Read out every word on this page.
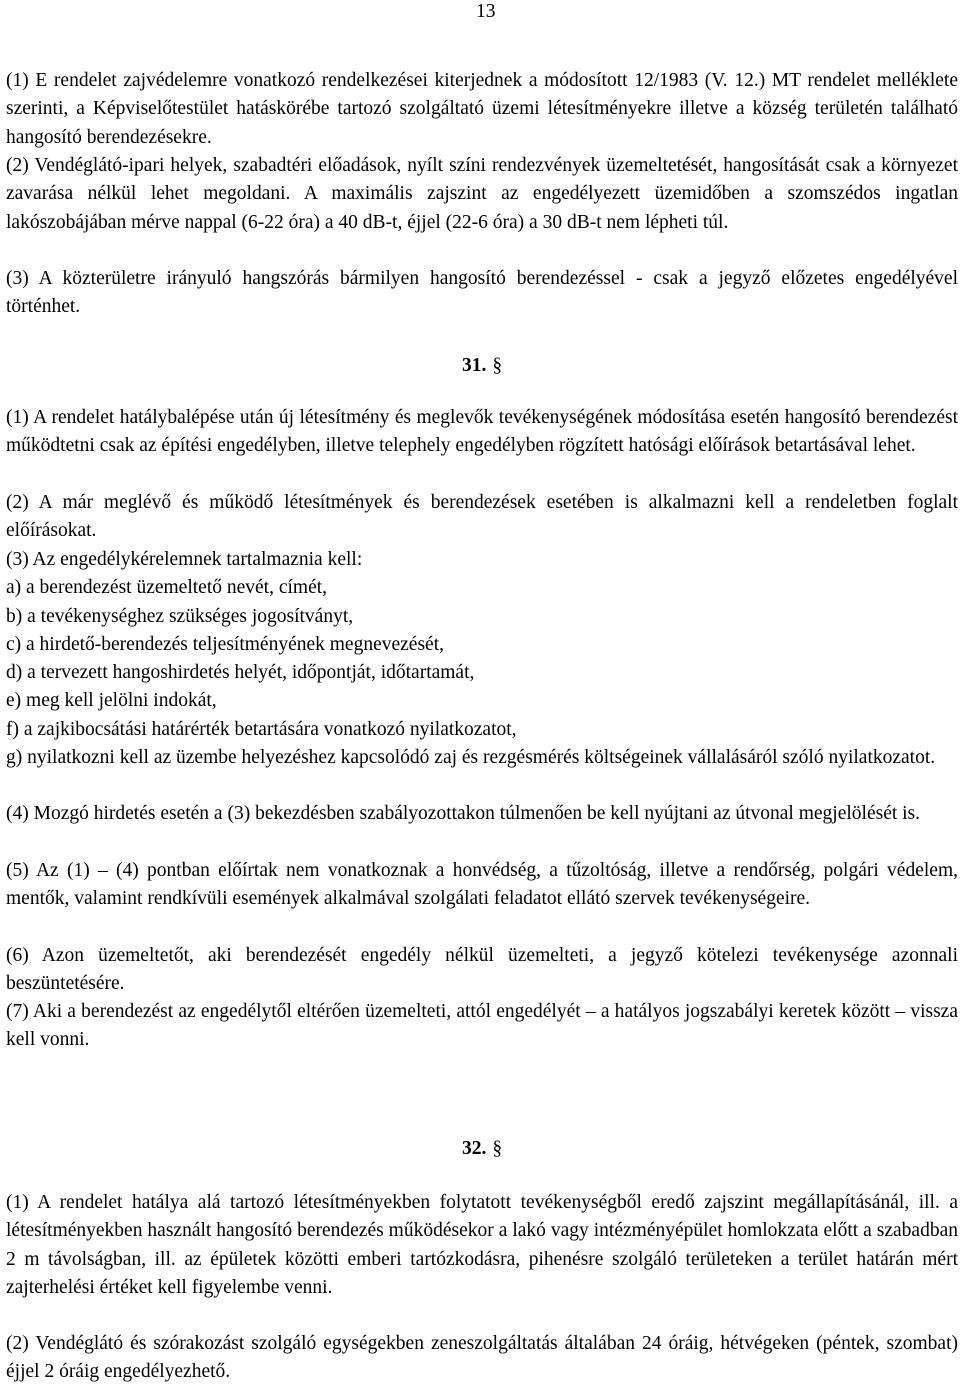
13

(1) E rendelet zajvédelemre vonatkozó rendelkezései kiterjednek a módosított 12/1983 (V. 12.) MT rendelet melléklete szerinti, a Képviselőtestület hatáskörébe tartozó szolgáltató üzemi létesítményekre illetve a község területén található hangosító berendezésekre.

(2) Vendéglátó-ipari helyek, szabadtéri előadások, nyílt színi rendezvények üzemeltetését, hangosítását csak a környezet zavarása nélkül lehet megoldani. A maximális zajszint az engedélyezett üzemidőben a szomszédos ingatlan lakószobájában mérve nappal (6-22 óra) a 40 dB-t, éjjel (22-6 óra) a 30 dB-t nem lépheti túl.

(3) A közterületre irányuló hangszórás bármilyen hangosító berendezéssel - csak a jegyző előzetes engedélyével történhet.

31. §

(1) A rendelet hatálybalépése után új létesítmény és meglevők tevékenységének módosítása esetén hangosító berendezést működtetni csak az építési engedélyben, illetve telephely engedélyben rögzített hatósági előírások betartásával lehet.

(2) A már meglévő és működő létesítmények és berendezések esetében is alkalmazni kell a rendeletben foglalt előírásokat.

(3) Az engedélykérelemnek tartalmaznia kell:

a) a berendezést üzemeltető nevét, címét,

b) a tevékenységhez szükséges jogosítványt,

c) a hirdető-berendezés teljesítményének megnevezését,

d) a tervezett hangoshirdetés helyét, időpontját, időtartamát,

e) meg kell jelölni indokát,

f) a zajkibocsátási határérték betartására vonatkozó nyilatkozatot,

g) nyilatkozni kell az üzembe helyezéshez kapcsolódó zaj és rezgésmérés költségeinek vállalásáról szóló nyilatkozatot.

(4) Mozgó hirdetés esetén a (3) bekezdésben szabályozottakon túlmenően be kell nyújtani az útvonal megjelölését is.

(5) Az (1) – (4) pontban előírtak nem vonatkoznak a honvédség, a tűzoltóság, illetve a rendőrség, polgári védelem, mentők, valamint rendkívüli események alkalmával szolgálati feladatot ellátó szervek tevékenységeire.

(6) Azon üzemeltetőt, aki berendezését engedély nélkül üzemelteti, a jegyző kötelezi tevékenysége azonnali beszüntetésére.

(7) Aki a berendezést az engedélytől eltérően üzemelteti, attól engedélyét – a hatályos jogszabályi keretek között – vissza kell vonni.

32. §

(1) A rendelet hatálya alá tartozó létesítményekben folytatott tevékenységből eredő zajszint megállapításánál, ill. a létesítményekben használt hangosító berendezés működésekor a lakó vagy intézményépület homlokzata előtt a szabadban 2 m távolságban, ill. az épületek közötti emberi tartózkodásra, pihenésre szolgáló területeken a terület határán mért zajterhelési értéket kell figyelembe venni.

(2) Vendéglátó és szórakozást szolgáló egységekben zeneszolgáltatás általában 24 óráig, hétvégeken (péntek, szombat) éjjel 2 óráig engedélyezhető.
